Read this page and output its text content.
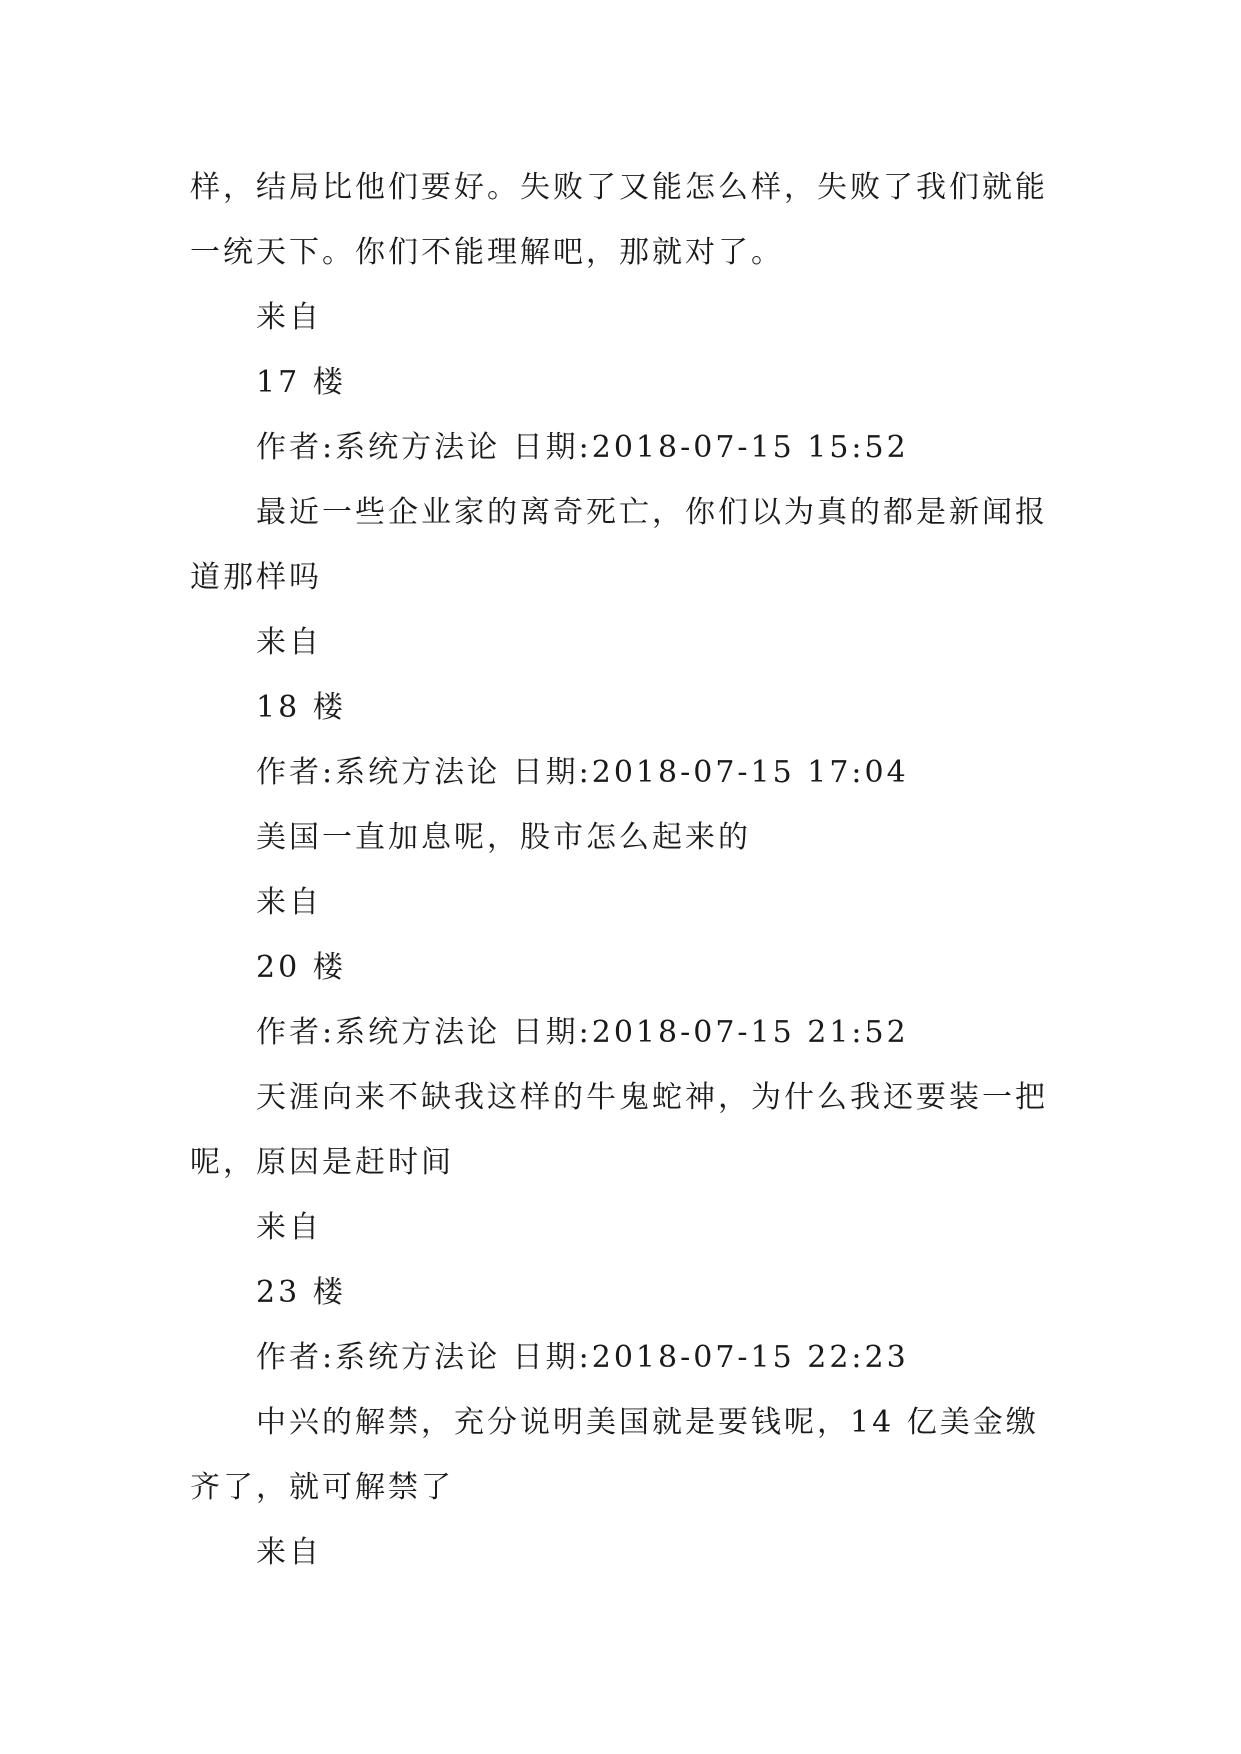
样，结局比他们要好。失败了又能怎么样，失败了我们就能一统天下。你们不能理解吧，那就对了。

来自

17 楼

作者:系统方法论 日期:2018-07-15 15:52

最近一些企业家的离奇死亡，你们以为真的都是新闻报道那样吗

来自

18 楼

作者:系统方法论 日期:2018-07-15 17:04

美国一直加息呢，股市怎么起来的

来自

20 楼

作者:系统方法论 日期:2018-07-15 21:52

天涯向来不缺我这样的牛鬼蛇神，为什么我还要装一把呢，原因是赶时间

来自

23 楼

作者:系统方法论 日期:2018-07-15 22:23

中兴的解禁，充分说明美国就是要钱呢，14 亿美金缴齐了，就可解禁了

来自
